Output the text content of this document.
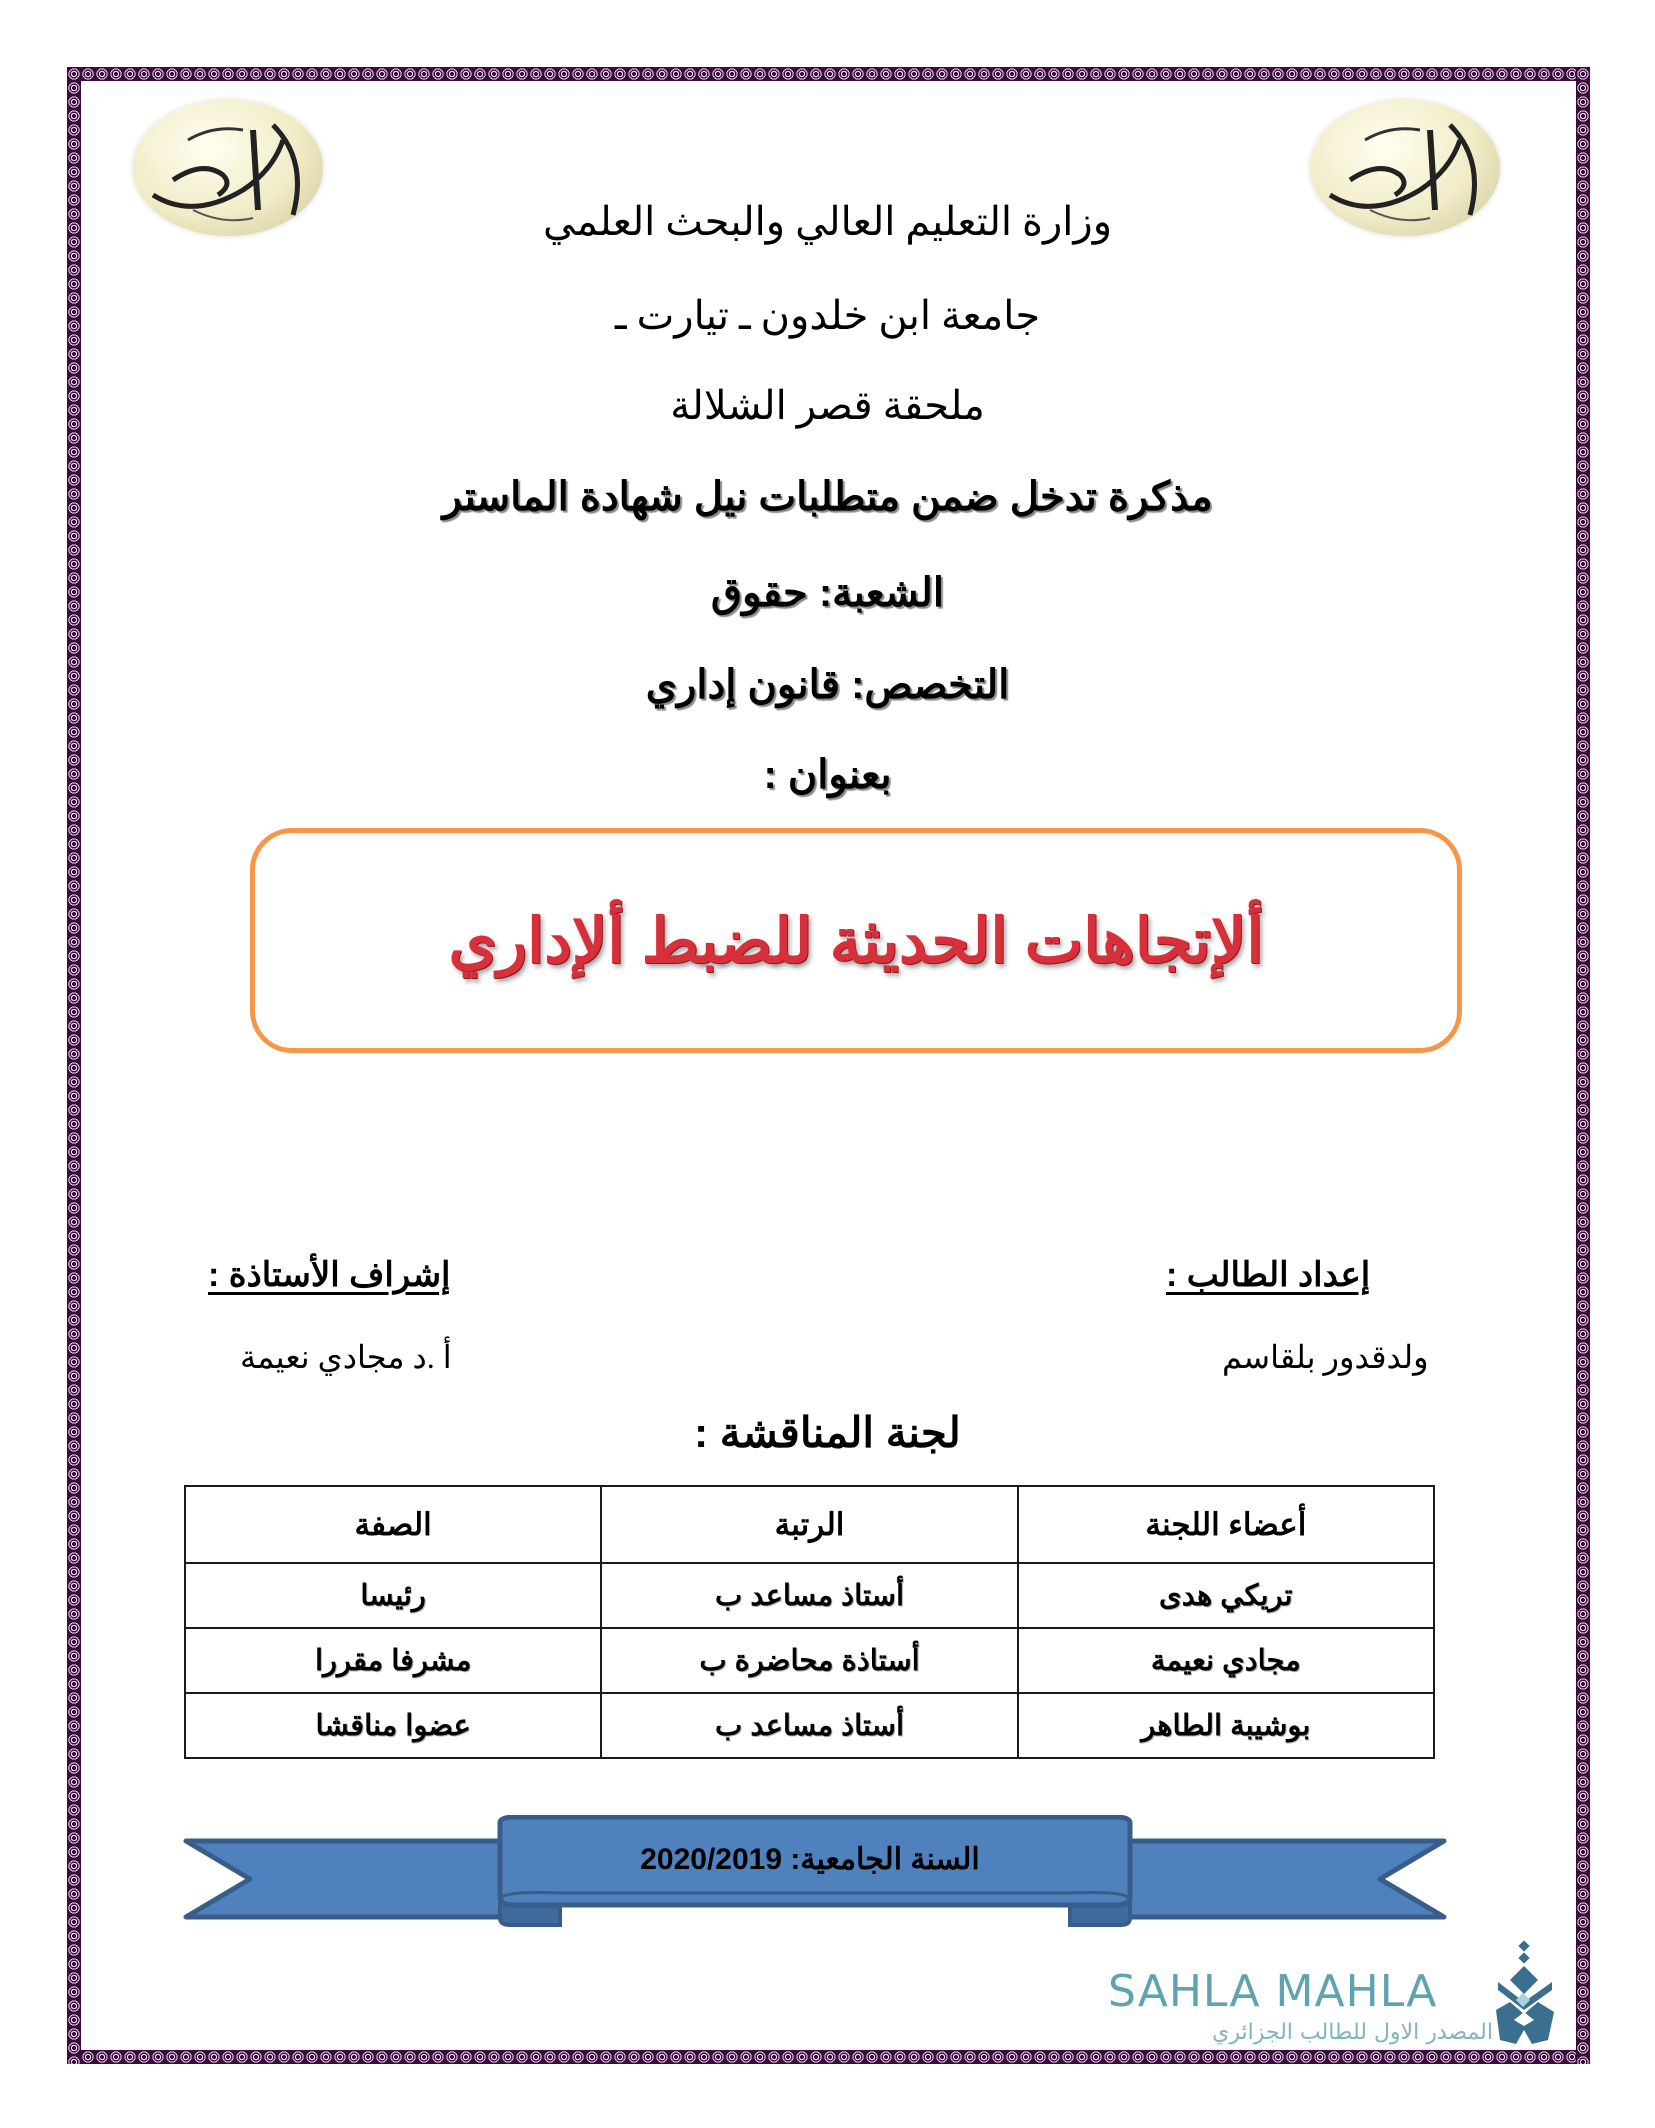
وزارة التعليم العالي والبحث العلمي
جامعة ابن خلدون ـ تيارت ـ
ملحقة قصر الشلالة
مذكرة تدخل ضمن متطلبات نيل شهادة الماستر
الشعبة: حقوق
التخصص: قانون إداري
بعنوان :
ألإتجاهات الحديثة للضبط ألإداري
إعداد الطالب :
ولدقدور بلقاسم
إشراف الأستاذة :
أ .د مجادي نعيمة
لجنة المناقشة :
أعضاء اللجنة	الرتبة	الصفة
تريكي هدى	أستاذ مساعد ب	رئيسا
مجادي نعيمة	أستاذة محاضرة ب	مشرفا مقررا
بوشيبة الطاهر	أستاذ مساعد ب	عضوا مناقشا
السنة الجامعية: 2020/2019
SAHLA MAHLA
المصدر الاول للطالب الجزائري
